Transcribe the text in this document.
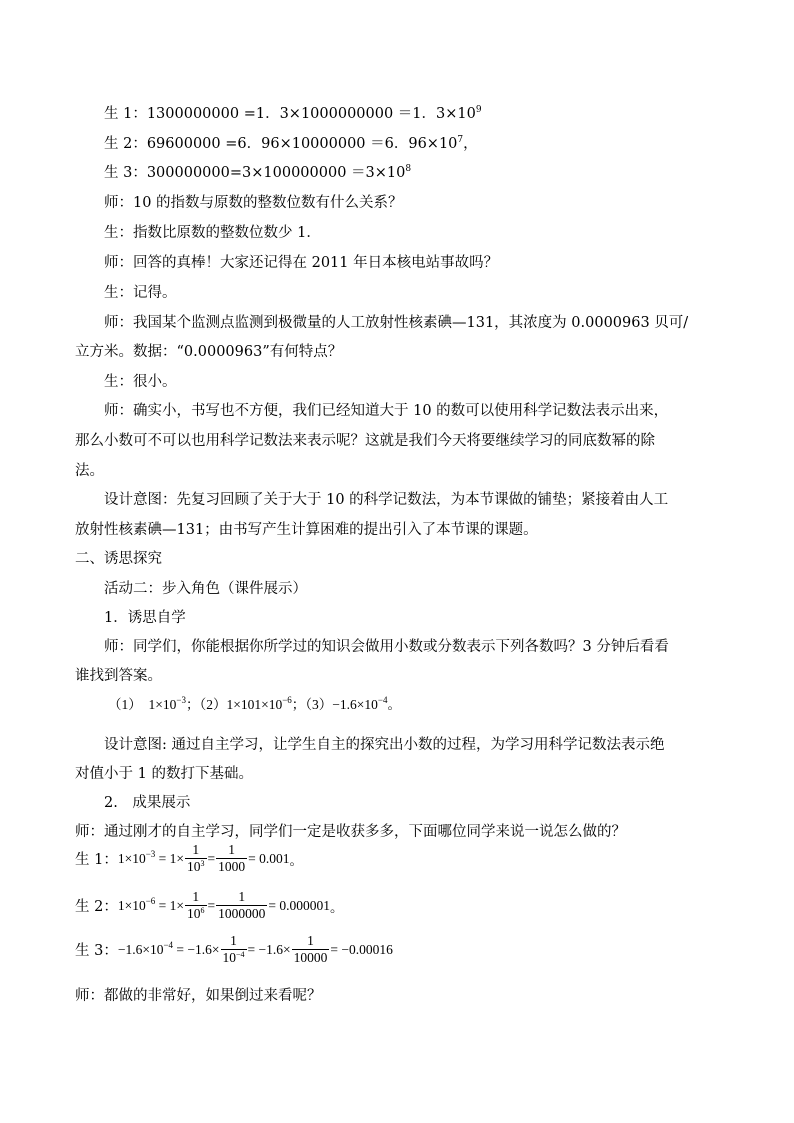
生 1：1300000000 =1．3×1000000000 ＝1．$3\times 10^9$
生 2：69600000 =6．96×10000000 ＝6．$96\times 10^7$，
生 3：$300000000=3\times 100000000 =3\times 10^8$
师：10 的指数与原数的整数位数有什么关系？
生：指数比原数的整数位数少 1．
师：回答的真棒！大家还记得在 2011 年日本核电站事故吗？
生：记得。
师：我国某个监测点监测到极微量的人工放射性核素碘—131，其浓度为 0.0000963 贝可/
立方米。数据：“0.0000963”有何特点？
生：很小。
师：确实小，书写也不方便，我们已经知道大于 10 的数可以使用科学记数法表示出来，
那么小数可不可以也用科学记数法来表示呢？这就是我们今天将要继续学习的同底数幂的除
法。
设计意图：先复习回顾了关于大于 10 的科学记数法，为本节课做的铺垫；紧接着由人工
放射性核素碘—131；由书写产生计算困难的提出引入了本节课的课题。
二、诱思探究
活动二：步入角色（课件展示）
1．诱思自学
师：同学们，你能根据你所学过的知识会做用小数或分数表示下列各数吗？3 分钟后看看
谁找到答案。
（1）　$1\times 10^{-3}$；$(2)1\times 101\times 10^{-6}$；$(3)-1.6\times 10^{-4}$。
设计意图: 通过自主学习，让学生自主的探究出小数的过程，为学习用科学记数法表示绝
对值小于 1 的数打下基础。
2.　成果展示
师：通过刚才的自主学习，同学们一定是收获多多，下面哪位同学来说一说怎么做的？
生 1：$1\times 10^{-3} = 1\times \frac{1}{10^3} = \frac{1}{1000} = 0.001$。
生 2：$1\times 10^{-6} = 1\times \frac{1}{10^6} = \frac{1}{1000000} = 0.000001$。
生 3：$-1.6\times 10^{-4} = -1.6\times \frac{1}{10^{-4}} = -1.6\times \frac{1}{10000} = -0.00016$
师：都做的非常好，如果倒过来看呢？
